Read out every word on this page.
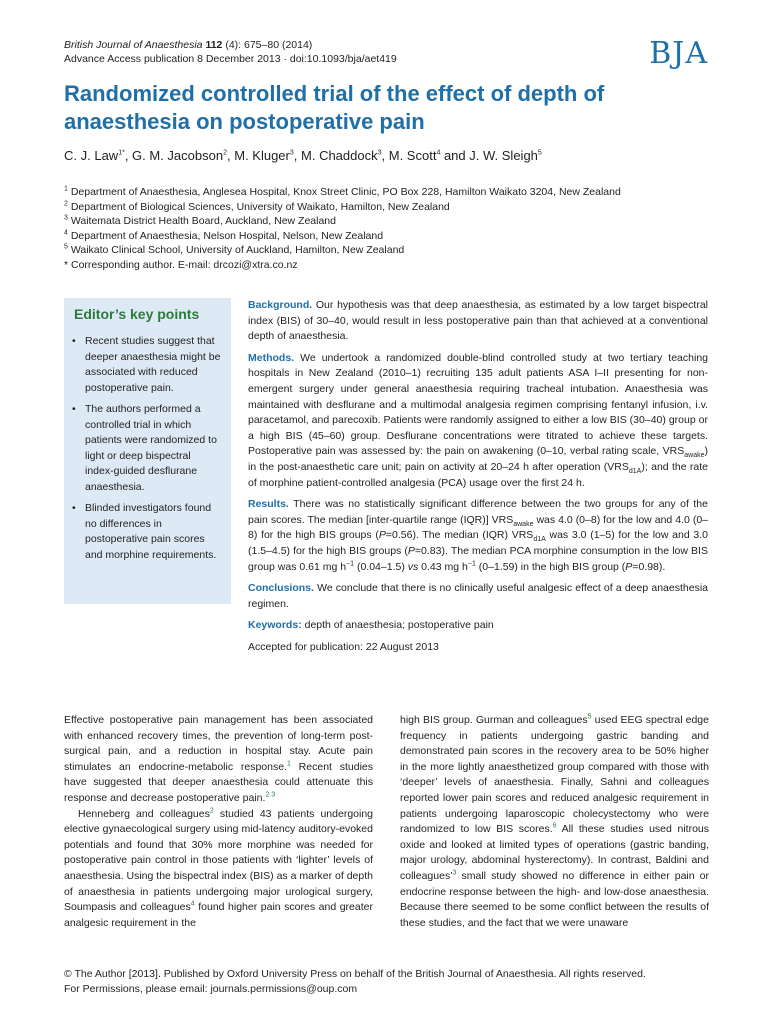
British Journal of Anaesthesia 112 (4): 675–80 (2014)
Advance Access publication 8 December 2013 · doi:10.1093/bja/aet419	BJA
Randomized controlled trial of the effect of depth of anaesthesia on postoperative pain
C. J. Law$^{1*}$, G. M. Jacobson$^2$, M. Kluger$^3$, M. Chaddock$^3$, M. Scott$^4$ and J. W. Sleigh$^5$
$^1$ Department of Anaesthesia, Anglesea Hospital, Knox Street Clinic, PO Box 228, Hamilton Waikato 3204, New Zealand
$^2$ Department of Biological Sciences, University of Waikato, Hamilton, New Zealand
$^3$ Waitemata District Health Board, Auckland, New Zealand
$^4$ Department of Anaesthesia, Nelson Hospital, Nelson, New Zealand
$^5$ Waikato Clinical School, University of Auckland, Hamilton, New Zealand
* Corresponding author. E-mail: drcozi@xtra.co.nz
Editor’s key points
• Recent studies suggest that deeper anaesthesia might be associated with reduced postoperative pain.
• The authors performed a controlled trial in which patients were randomized to light or deep bispectral index-guided desflurane anaesthesia.
• Blinded investigators found no differences in postoperative pain scores and morphine requirements.

Background. Our hypothesis was that deep anaesthesia, as estimated by a low target bispectral index (BIS) of 30–40, would result in less postoperative pain than that achieved at a conventional depth of anaesthesia.

Methods. We undertook a randomized double-blind controlled study at two tertiary teaching hospitals in New Zealand (2010–1) recruiting 135 adult patients ASA I–II presenting for non-emergent surgery under general anaesthesia requiring tracheal intubation. Anaesthesia was maintained with desflurane and a multimodal analgesia regimen comprising fentanyl infusion, i.v. paracetamol, and parecoxib. Patients were randomly assigned to either a low BIS (30–40) group or a high BIS (45–60) group. Desflurane concentrations were titrated to achieve these targets. Postoperative pain was assessed by: the pain on awakening (0–10, verbal rating scale, $VRS_{awake}$) in the post-anaesthetic care unit; pain on activity at 20–24 h after operation $(VRS_{d1A})$; and the rate of morphine patient-controlled analgesia (PCA) usage over the first 24 h.

Results. There was no statistically significant difference between the two groups for any of the pain scores. The median [inter-quartile range (IQR)] $VRS_{awake}$ was 4.0 (0–8) for the low and 4.0 (0–8) for the high BIS groups (P=0.56). The median (IQR) $VRS_{d1A}$ was 3.0 (1–5) for the low and 3.0 (1.5–4.5) for the high BIS groups (P=0.83). The median PCA morphine consumption in the low BIS group was 0.61 mg $h^{-1}$ (0.04–1.5) vs 0.43 mg $h^{-1}$ (0–1.59) in the high BIS group (P=0.98).

Conclusions. We conclude that there is no clinically useful analgesic effect of a deep anaesthesia regimen.

Keywords: depth of anaesthesia; postoperative pain

Accepted for publication: 22 August 2013

Effective postoperative pain management has been associated with enhanced recovery times, the prevention of long-term post-surgical pain, and a reduction in hospital stay. Acute pain stimulates an endocrine-metabolic response.$^1$ Recent studies have suggested that deeper anaesthesia could attenuate this response and decrease postoperative pain.$^{2 3}$

Henneberg and colleagues$^2$ studied 43 patients undergoing elective gynaecological surgery using mid-latency auditory-evoked potentials and found that 30% more morphine was needed for postoperative pain control in those patients with ‘lighter’ levels of anaesthesia. Using the bispectral index (BIS) as a marker of depth of anaesthesia in patients undergoing major urological surgery, Soumpasis and colleagues$^4$ found higher pain scores and greater analgesic requirement in the

high BIS group. Gurman and colleagues$^5$ used EEG spectral edge frequency in patients undergoing gastric banding and demonstrated pain scores in the recovery area to be 50% higher in the more lightly anaesthetized group compared with those with ‘deeper’ levels of anaesthesia. Finally, Sahni and colleagues reported lower pain scores and reduced analgesic requirement in patients undergoing laparoscopic cholecystectomy who were randomized to low BIS scores.$^6$ All these studies used nitrous oxide and looked at limited types of operations (gastric banding, major urology, abdominal hysterectomy). In contrast, Baldini and colleagues’$^3$ small study showed no difference in either pain or endocrine response between the high- and low-dose anaesthesia. Because there seemed to be some conflict between the results of these studies, and the fact that we were unaware

© The Author [2013]. Published by Oxford University Press on behalf of the British Journal of Anaesthesia. All rights reserved.
For Permissions, please email: journals.permissions@oup.com
